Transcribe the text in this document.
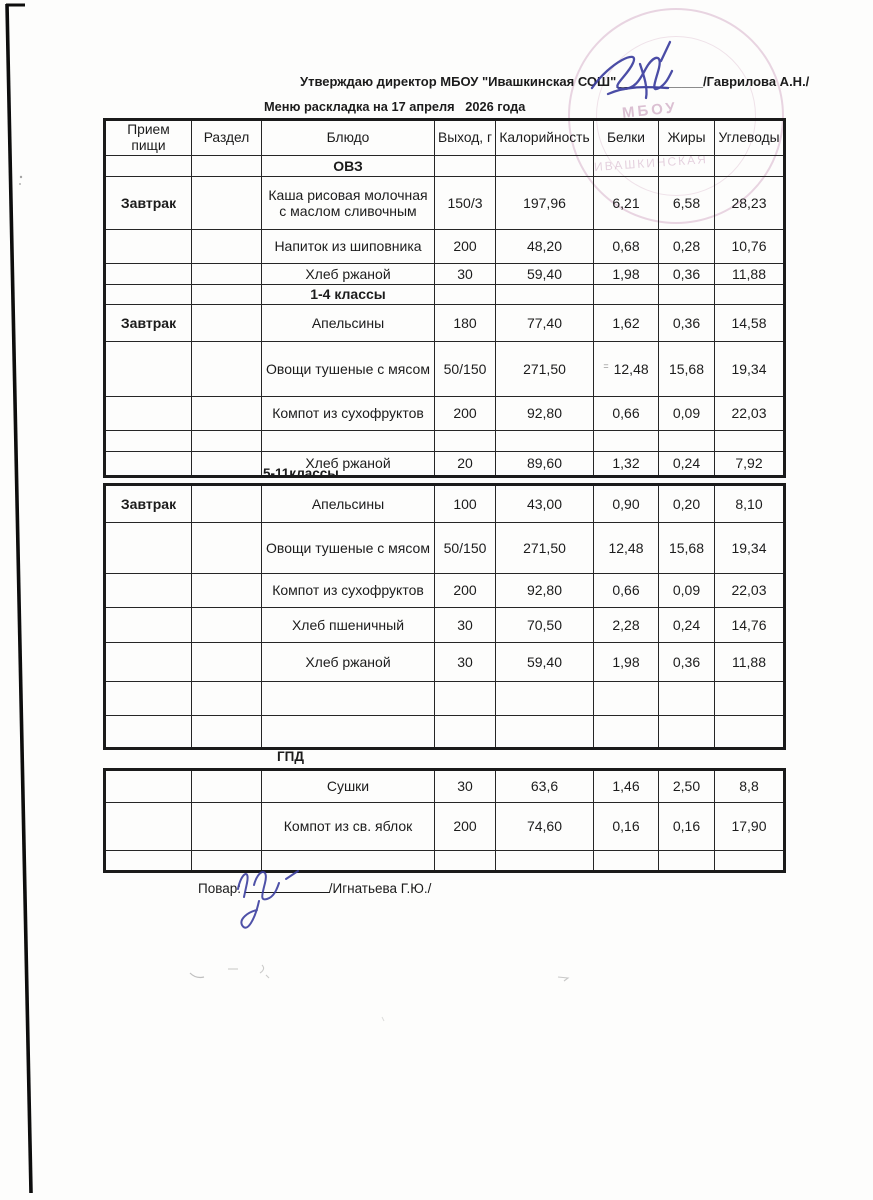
МБОУ
ИВАШКИНСКАЯ
Утверждаю директор МБОУ "Ивашкинская СОШ"____________/Гаврилова А.Н./
Меню раскладка на 17 апреля   2026 года
Прием пищи	Раздел	Блюдо	Выход, г	Калорийность	Белки	Жиры	Углеводы
		ОВЗ					
Завтрак		Каша рисовая молочная с маслом сливочным	150/3	197,96	6,21	6,58	28,23
		Напиток из шиповника	200	48,20	0,68	0,28	10,76
		Хлеб ржаной	30	59,40	1,98	0,36	11,88
		1-4 классы					
Завтрак		Апельсины	180	77,40	1,62	0,36	14,58
		Овощи тушеные с мясом	50/150	271,50	= 12,48	15,68	19,34
		Компот из сухофруктов	200	92,80	0,66	0,09	22,03

		Хлеб ржаной	20	89,60	1,32	0,24	7,92
5-11классы
Завтрак		Апельсины	100	43,00	0,90	0,20	8,10
		Овощи тушеные с мясом	50/150	271,50	12,48	15,68	19,34
		Компот из сухофруктов	200	92,80	0,66	0,09	22,03
		Хлеб пшеничный	30	70,50	2,28	0,24	14,76
		Хлеб ржаной	30	59,40	1,98	0,36	11,88

ГПД
		Сушки	30	63,6	1,46	2,50	8,8
		Компот из св. яблок	200	74,60	0,16	0,16	17,90

Повар:	/Игнатьева Г.Ю./
